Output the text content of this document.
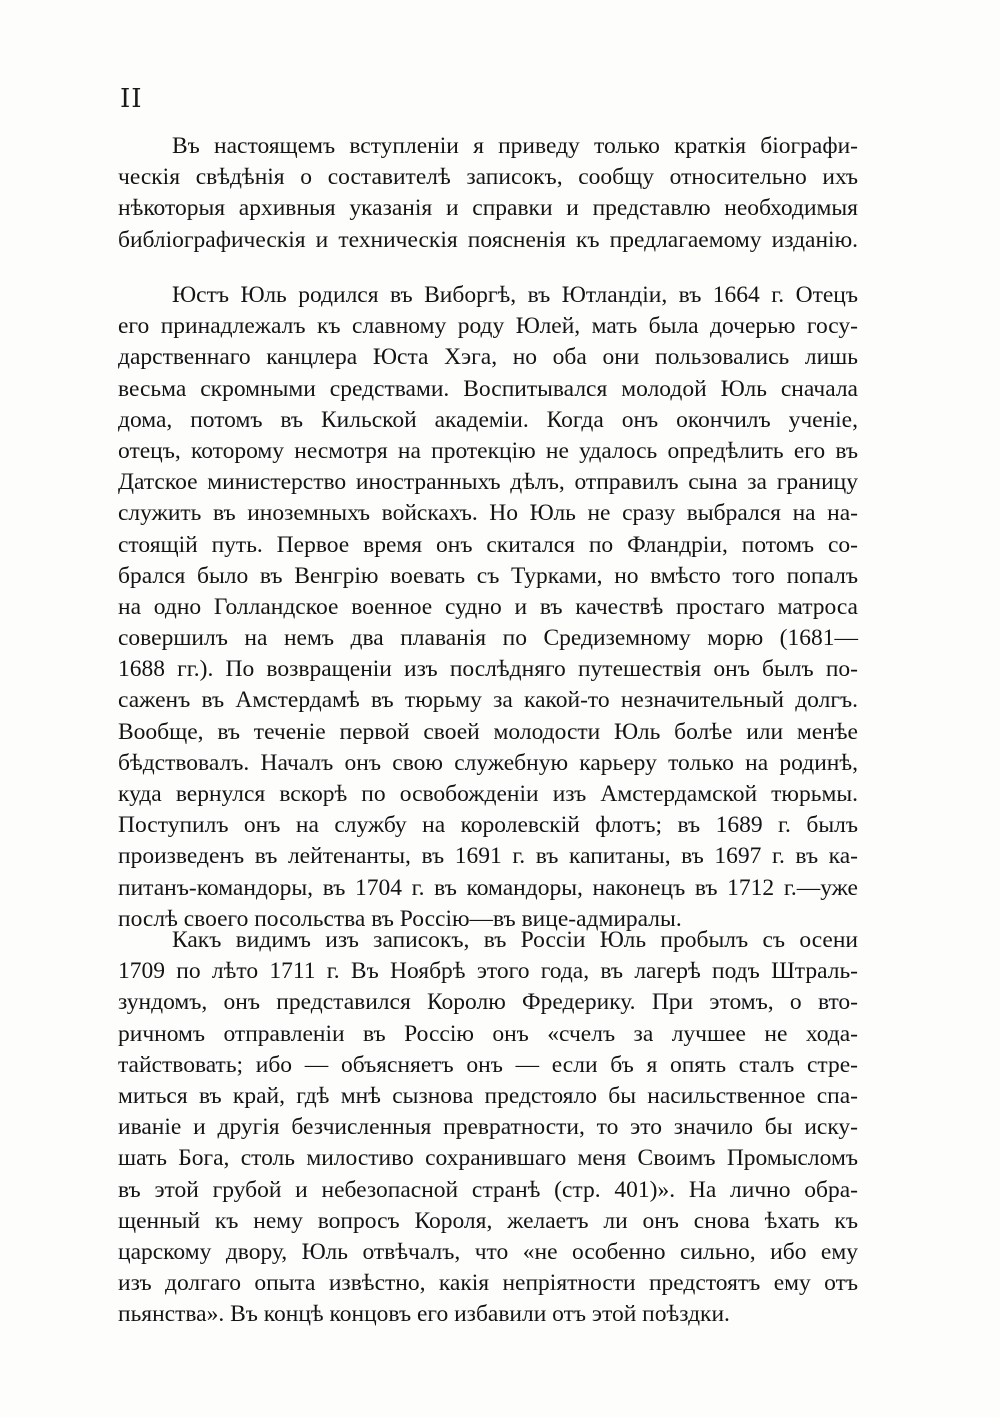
II
Въ настоящемъ вступленіи я приведу только краткія біографи-
ческія свѣдѣнія о составителѣ записокъ, сообщу относительно ихъ
нѣкоторыя архивныя указанія и справки и представлю необходимыя
библіографическія и техническія поясненія къ предлагаемому изданію.
Юстъ Юль родился въ Виборгѣ, въ Ютландіи, въ 1664 г. Отецъ
его принадлежалъ къ славному роду Юлей, мать была дочерью госу-
дарственнаго канцлера Юста Хэга, но оба они пользовались лишь
весьма скромными средствами. Воспитывался молодой Юль сначала
дома, потомъ въ Кильской академіи. Когда онъ окончилъ ученіе,
отецъ, которому несмотря на протекцію не удалось опредѣлить его въ
Датское министерство иностранныхъ дѣлъ, отправилъ сына за границу
служить въ иноземныхъ войскахъ. Но Юль не сразу выбрался на на-
стоящій путь. Первое время онъ скитался по Фландріи, потомъ со-
брался было въ Венгрію воевать съ Турками, но вмѣсто того попалъ
на одно Голландское военное судно и въ качествѣ простаго матроса
совершилъ на немъ два плаванія по Средиземному морю (1681—
1688 гг.). По возвращеніи изъ послѣдняго путешествія онъ былъ по-
саженъ въ Амстердамѣ въ тюрьму за какой-то незначительный долгъ.
Вообще, въ теченіе первой своей молодости Юль болѣе или менѣе
бѣдствовалъ. Началъ онъ свою служебную карьеру только на родинѣ,
куда вернулся вскорѣ по освобожденіи изъ Амстердамской тюрьмы.
Поступилъ онъ на службу на королевскій флотъ; въ 1689 г. былъ
произведенъ въ лейтенанты, въ 1691 г. въ капитаны, въ 1697 г. въ ка-
питанъ-командоры, въ 1704 г. въ командоры, наконецъ въ 1712 г.—уже
послѣ своего посольства въ Россію—въ вице-адмиралы.
Какъ видимъ изъ записокъ, въ Россіи Юль пробылъ съ осени
1709 по лѣто 1711 г. Въ Ноябрѣ этого года, въ лагерѣ подъ Штраль-
зундомъ, онъ представился Королю Фредерику. При этомъ, о вто-
ричномъ отправленіи въ Россію онъ «счелъ за лучшее не хода-
тайствовать; ибо — объясняетъ онъ — если бъ я опять сталъ стре-
миться въ край, гдѣ мнѣ сызнова предстояло бы насильственное спа-
иваніе и другія безчисленныя превратности, то это значило бы иску-
шать Бога, столь милостиво сохранившаго меня Своимъ Промысломъ
въ этой грубой и небезопасной странѣ (стр. 401)». На лично обра-
щенный къ нему вопросъ Короля, желаетъ ли онъ снова ѣхать къ
царскому двору, Юль отвѣчалъ, что «не особенно сильно, ибо ему
изъ долгаго опыта извѣстно, какія непріятности предстоятъ ему отъ
пьянства». Въ концѣ концовъ его избавили отъ этой поѣздки.
